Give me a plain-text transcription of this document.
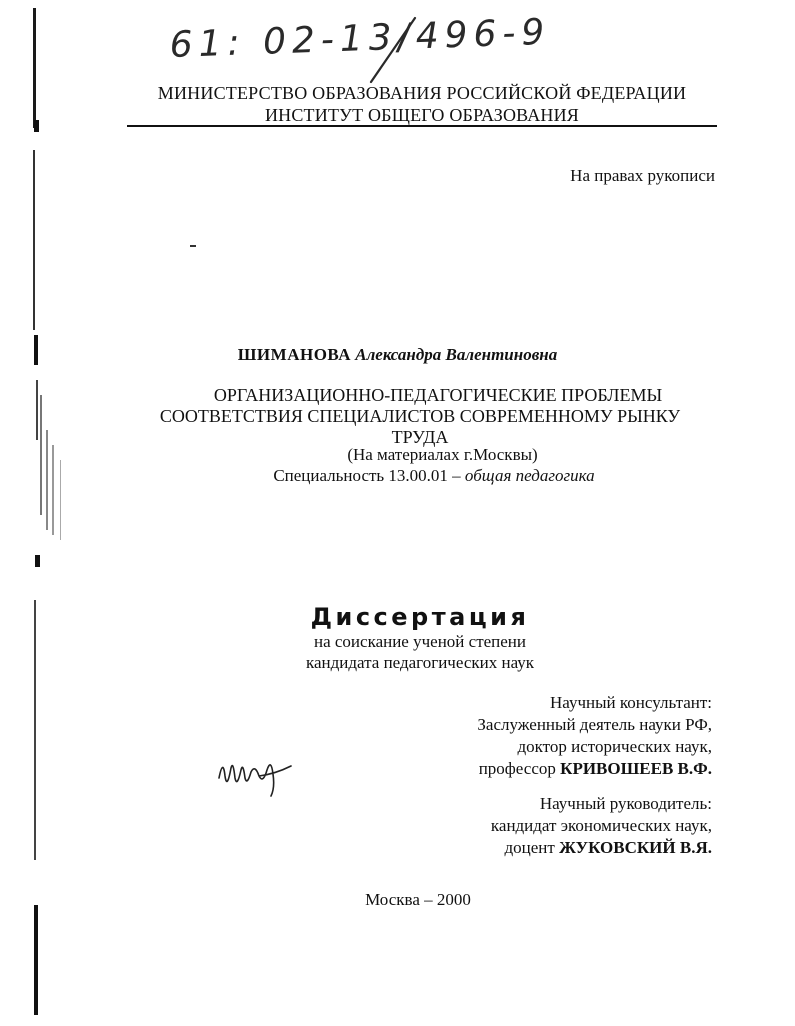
61: 02-13/496-9
МИНИСТЕРСТВО ОБРАЗОВАНИЯ РОССИЙСКОЙ ФЕДЕРАЦИИ
ИНСТИТУТ ОБЩЕГО ОБРАЗОВАНИЯ
На правах рукописи
ШИМАНОВА Александра Валентиновна
ОРГАНИЗАЦИОННО-ПЕДАГОГИЧЕСКИЕ ПРОБЛЕМЫ
СООТВЕТСТВИЯ СПЕЦИАЛИСТОВ СОВРЕМЕННОМУ РЫНКУ
ТРУДА
(На материалах г.Москвы)
Специальность 13.00.01 – общая педагогика
Диссертация
на соискание ученой степени
кандидата педагогических наук
Научный консультант:
Заслуженный деятель науки РФ,
доктор исторических наук,
профессор КРИВОШЕЕВ В.Ф.
Научный руководитель:
кандидат экономических наук,
доцент ЖУКОВСКИЙ В.Я.
Москва – 2000
